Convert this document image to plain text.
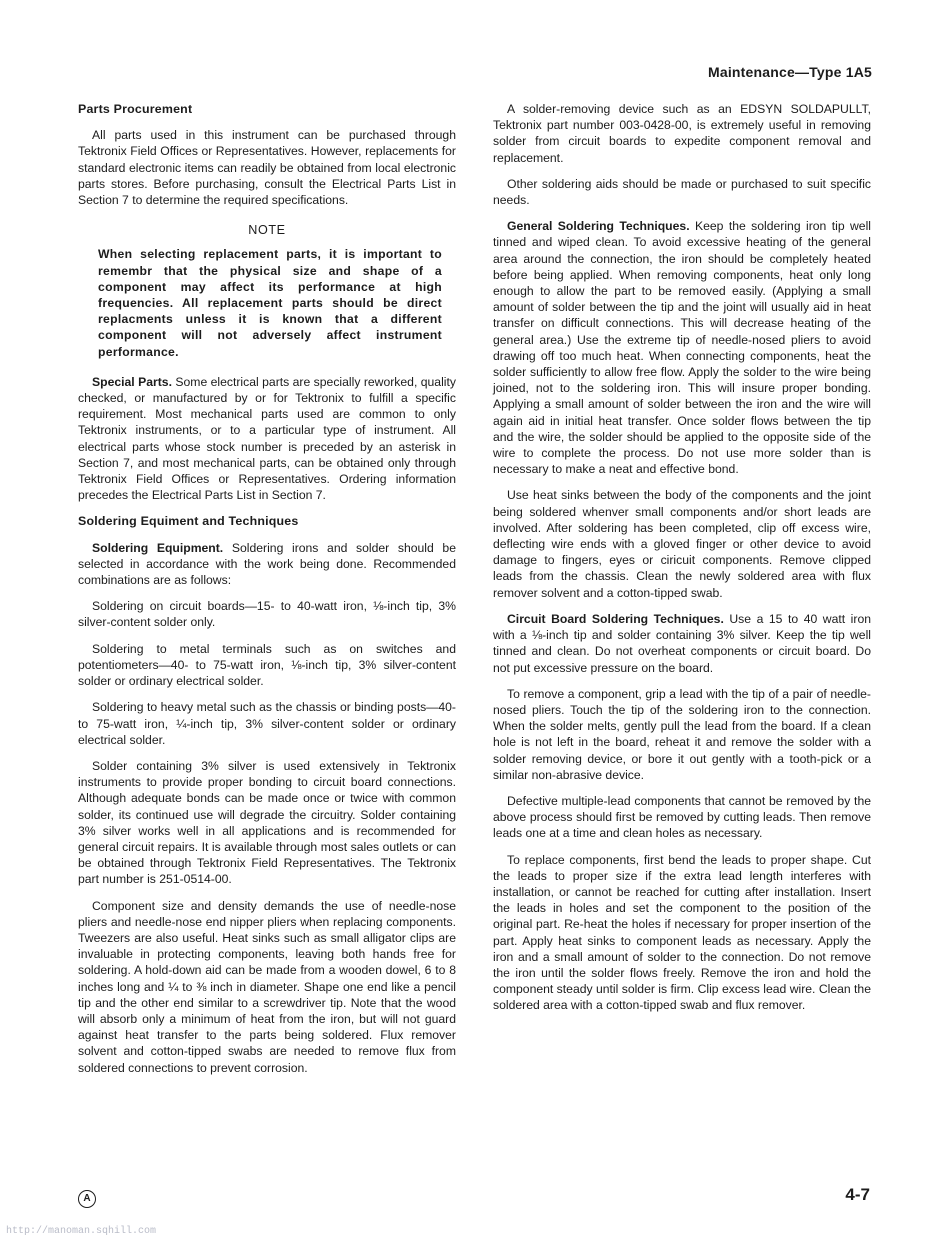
Maintenance—Type 1A5
Parts Procurement

All parts used in this instrument can be purchased through Tektronix Field Offices or Representatives. However, replacements for standard electronic items can readily be obtained from local electronic parts stores. Before purchasing, consult the Electrical Parts List in Section 7 to determine the required specifications.

NOTE
When selecting replacement parts, it is important to remembr that the physical size and shape of a component may affect its performance at high frequencies. All replacement parts should be direct replacments unless it is known that a different component will not adversely affect instrument performance.

Special Parts. Some electrical parts are specially reworked, quality checked, or manufactured by or for Tektronix to fulfill a specific requirement. Most mechanical parts used are common to only Tektronix instruments, or to a particular type of instrument. All electrical parts whose stock number is preceded by an asterisk in Section 7, and most mechanical parts, can be obtained only through Tektronix Field Offices or Representatives. Ordering information precedes the Electrical Parts List in Section 7.

Soldering Equiment and Techniques

Soldering Equipment. Soldering irons and solder should be selected in accordance with the work being done. Recommended combinations are as follows:

Soldering on circuit boards—15- to 40-watt iron, ⅛-inch tip, 3% silver-content solder only.

Soldering to metal terminals such as on switches and potentiometers—40- to 75-watt iron, ⅛-inch tip, 3% silver-content solder or ordinary electrical solder.

Soldering to heavy metal such as the chassis or binding posts—40- to 75-watt iron, ¼-inch tip, 3% silver-content solder or ordinary electrical solder.

Solder containing 3% silver is used extensively in Tektronix instruments to provide proper bonding to circuit board connections. Although adequate bonds can be made once or twice with common solder, its continued use will degrade the circuitry. Solder containing 3% silver works well in all applications and is recommended for general circuit repairs. It is available through most sales outlets or can be obtained through Tektronix Field Representatives. The Tektronix part number is 251-0514-00.

Component size and density demands the use of needle-nose pliers and needle-nose end nipper pliers when replacing components. Tweezers are also useful. Heat sinks such as small alligator clips are invaluable in protecting components, leaving both hands free for soldering. A hold-down aid can be made from a wooden dowel, 6 to 8 inches long and ¼ to ⅜ inch in diameter. Shape one end like a pencil tip and the other end similar to a screwdriver tip. Note that the wood will absorb only a minimum of heat from the iron, but will not guard against heat transfer to the parts being soldered. Flux remover solvent and cotton-tipped swabs are needed to remove flux from soldered connections to prevent corrosion.

A solder-removing device such as an EDSYN SOLDAPULLT, Tektronix part number 003-0428-00, is extremely useful in removing solder from circuit boards to expedite component removal and replacement.

Other soldering aids should be made or purchased to suit specific needs.

General Soldering Techniques. Keep the soldering iron tip well tinned and wiped clean. To avoid excessive heating of the general area around the connection, the iron should be completely heated before being applied. When removing components, heat only long enough to allow the part to be removed easily. (Applying a small amount of solder between the tip and the joint will usually aid in heat transfer on difficult connections. This will decrease heating of the general area.) Use the extreme tip of needle-nosed pliers to avoid drawing off too much heat. When connecting components, heat the solder sufficiently to allow free flow. Apply the solder to the wire being joined, not to the soldering iron. This will insure proper bonding. Applying a small amount of solder between the iron and the wire will again aid in initial heat transfer. Once solder flows between the tip and the wire, the solder should be applied to the opposite side of the wire to complete the process. Do not use more solder than is necessary to make a neat and effective bond.

Use heat sinks between the body of the components and the joint being soldered whenver small components and/or short leads are involved. After soldering has been completed, clip off excess wire, deflecting wire ends with a gloved finger or other device to avoid damage to fingers, eyes or ciricuit components. Remove clipped leads from the chassis. Clean the newly soldered area with flux remover solvent and a cotton-tipped swab.

Circuit Board Soldering Techniques. Use a 15 to 40 watt iron with a ⅛-inch tip and solder containing 3% silver. Keep the tip well tinned and clean. Do not overheat components or circuit board. Do not put excessive pressure on the board.

To remove a component, grip a lead with the tip of a pair of needle-nosed pliers. Touch the tip of the soldering iron to the connection. When the solder melts, gently pull the lead from the board. If a clean hole is not left in the board, reheat it and remove the solder with a solder removing device, or bore it out gently with a tooth-pick or a similar non-abrasive device.

Defective multiple-lead components that cannot be removed by the above process should first be removed by cutting leads. Then remove leads one at a time and clean holes as necessary.

To replace components, first bend the leads to proper shape. Cut the leads to proper size if the extra lead length interferes with installation, or cannot be reached for cutting after installation. Insert the leads in holes and set the component to the position of the original part. Re-heat the holes if necessary for proper insertion of the part. Apply heat sinks to component leads as necessary. Apply the iron and a small amount of solder to the connection. Do not remove the iron until the solder flows freely. Remove the iron and hold the component steady until solder is firm. Clip excess lead wire. Clean the soldered area with a cotton-tipped swab and flux remover.

A	4-7
http://manoman.sqhill.com
